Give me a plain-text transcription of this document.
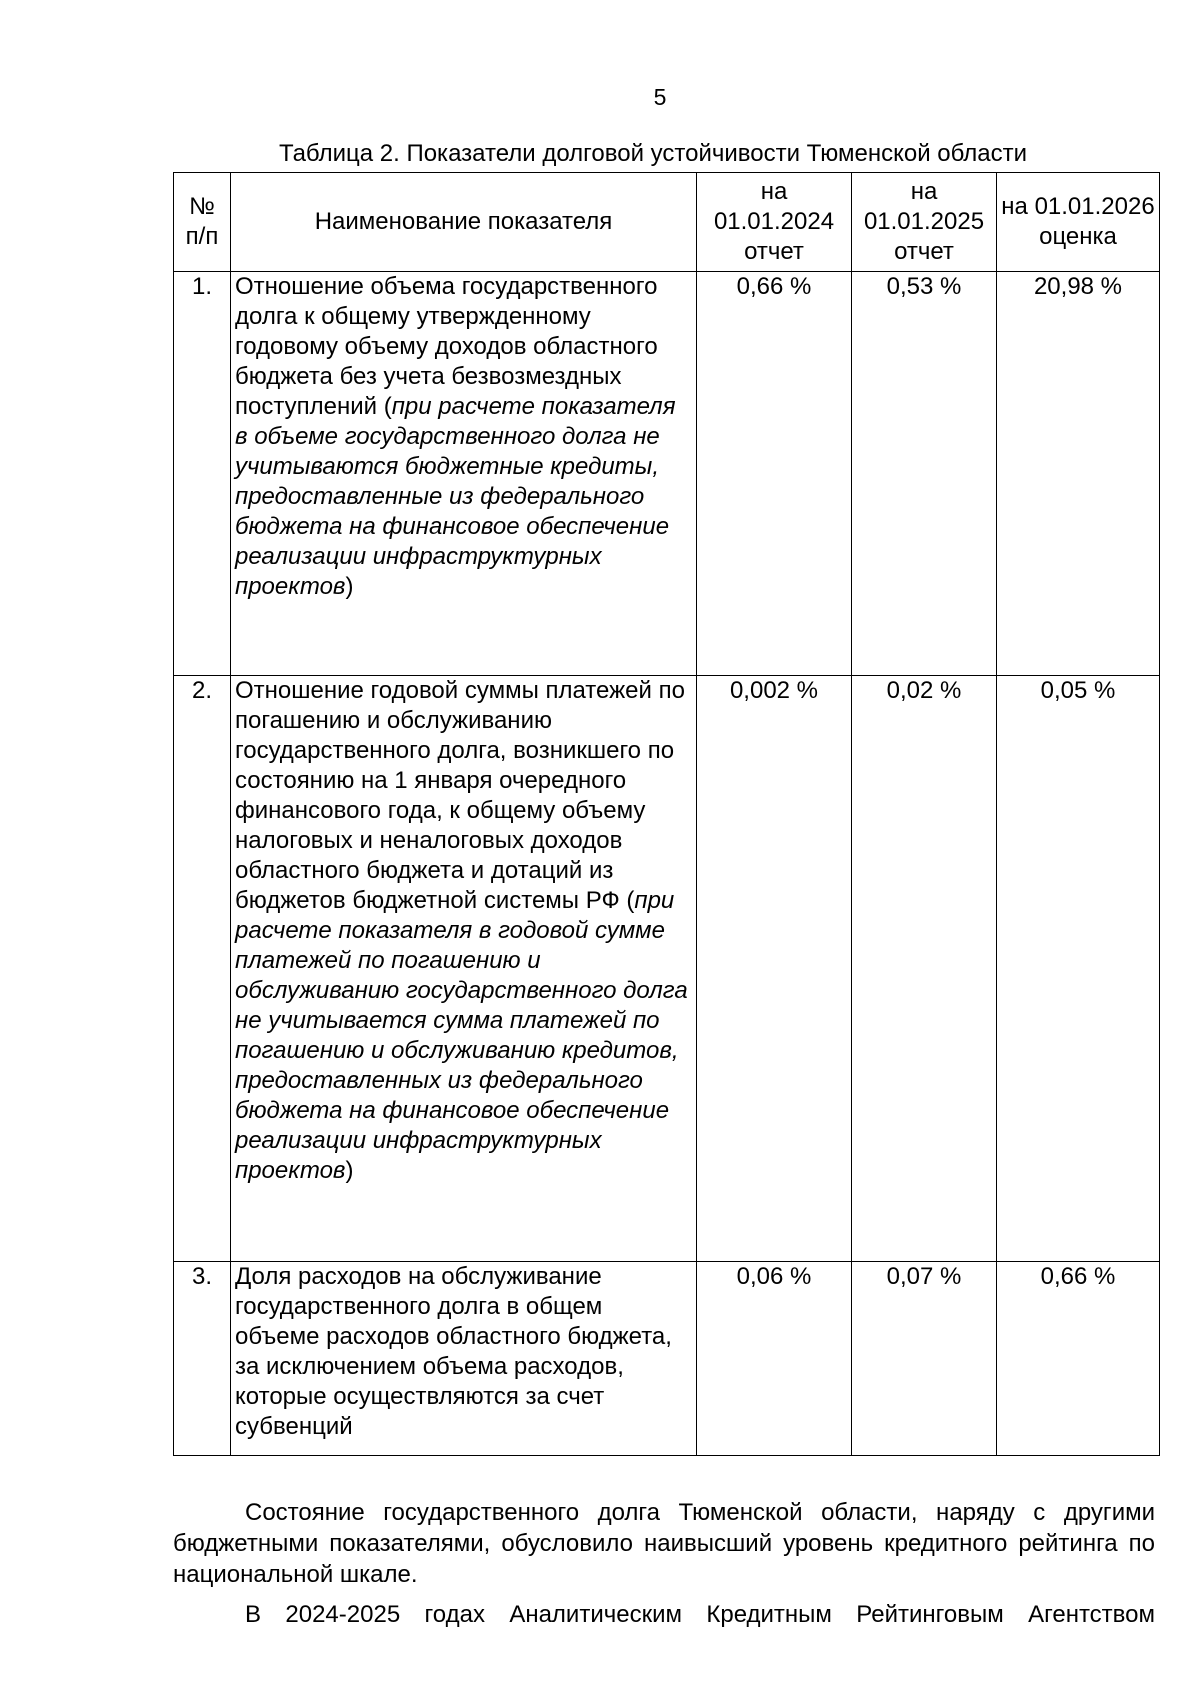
5
Таблица 2. Показатели долговой устойчивости Тюменской области
№ п/п	Наименование показателя	на 01.01.2024 отчет	на 01.01.2025 отчет	на 01.01.2026 оценка
1.	Отношение объема государственного долга к общему утвержденному годовому объему доходов областного бюджета без учета безвозмездных поступлений (при расчете показателя в объеме государственного долга не учитываются бюджетные кредиты, предоставленные из федерального бюджета на финансовое обеспечение реализации инфраструктурных проектов)	0,66 %	0,53 %	20,98 %
2.	Отношение годовой суммы платежей по погашению и обслуживанию государственного долга, возникшего по состоянию на 1 января очередного финансового года, к общему объему налоговых и неналоговых доходов областного бюджета и дотаций из бюджетов бюджетной системы РФ (при расчете показателя в годовой сумме платежей по погашению и обслуживанию государственного долга не учитывается сумма платежей по погашению и обслуживанию кредитов, предоставленных из федерального бюджета на финансовое обеспечение реализации инфраструктурных проектов)	0,002 %	0,02 %	0,05 %
3.	Доля расходов на обслуживание государственного долга в общем объеме расходов областного бюджета, за исключением объема расходов, которые осуществляются за счет субвенций	0,06 %	0,07 %	0,66 %
Состояние государственного долга Тюменской области, наряду с другими бюджетными показателями, обусловило наивысший уровень кредитного рейтинга по национальной шкале.
В 2024-2025 годах Аналитическим Кредитным Рейтинговым Агентством
